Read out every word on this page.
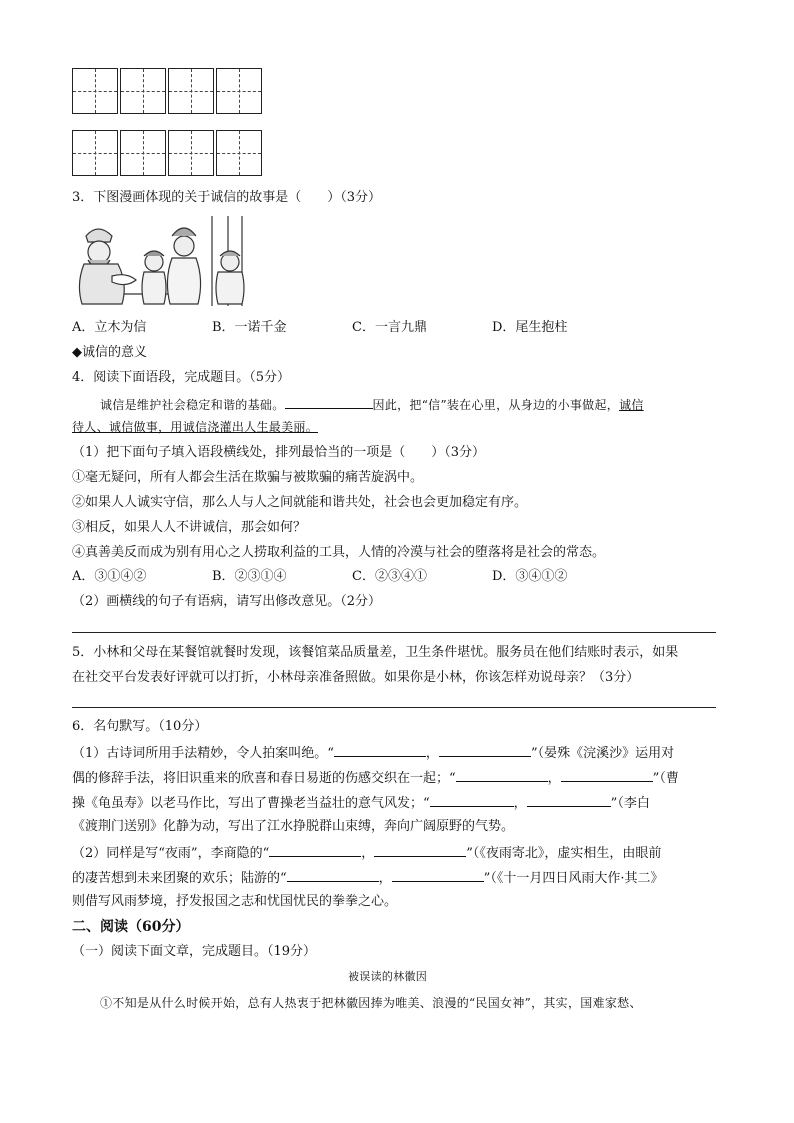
3．下图漫画体现的关于诚信的故事是（　　）（3分）
A．立木为信	B．一诺千金	C．一言九鼎	D．尾生抱柱
◆诚信的意义
4．阅读下面语段，完成题目。（5分）
诚信是维护社会稳定和谐的基础。	因此，把“信”装在心里，从身边的小事做起，诚信
待人、诚信做事，用诚信浇灌出人生最美丽。
（1）把下面句子填入语段横线处，排列最恰当的一项是（　　）（3分）
①毫无疑问，所有人都会生活在欺骗与被欺骗的痛苦旋涡中。
②如果人人诚实守信，那么人与人之间就能和谐共处，社会也会更加稳定有序。
③相反，如果人人不讲诚信，那会如何？
④真善美反而成为别有用心之人捞取利益的工具，人情的冷漠与社会的堕落将是社会的常态。
A．③①④②	B．②③①④	C．②③④①	D．③④①②
（2）画横线的句子有语病，请写出修改意见。（2分）
5．小林和父母在某餐馆就餐时发现，该餐馆菜品质量差，卫生条件堪忧。服务员在他们结账时表示，如果
在社交平台发表好评就可以打折，小林母亲准备照做。如果你是小林，你该怎样劝说母亲？（3分）
6．名句默写。（10分）
（1）古诗词所用手法精妙，令人拍案叫绝。“	，	”（晏殊《浣溪沙》运用对
偶的修辞手法，将旧识重来的欣喜和春日易逝的伤感交织在一起；“	，	”（曹
操《龟虽寿》以老马作比，写出了曹操老当益壮的意气风发；“	，	”（李白
《渡荆门送别》化静为动，写出了江水挣脱群山束缚，奔向广阔原野的气势。
（2）同样是写“夜雨”，李商隐的“	，	”（《夜雨寄北》，虚实相生，由眼前
的凄苦想到未来团聚的欢乐；陆游的“	，	”（《十一月四日风雨大作·其二》
则借写风雨梦境，抒发报国之志和忧国忧民的拳拳之心。
二、阅读（60分）
（一）阅读下面文章，完成题目。（19分）
被误读的林徽因
①不知是从什么时候开始，总有人热衷于把林徽因捧为唯美、浪漫的“民国女神”，其实，国难家愁、
